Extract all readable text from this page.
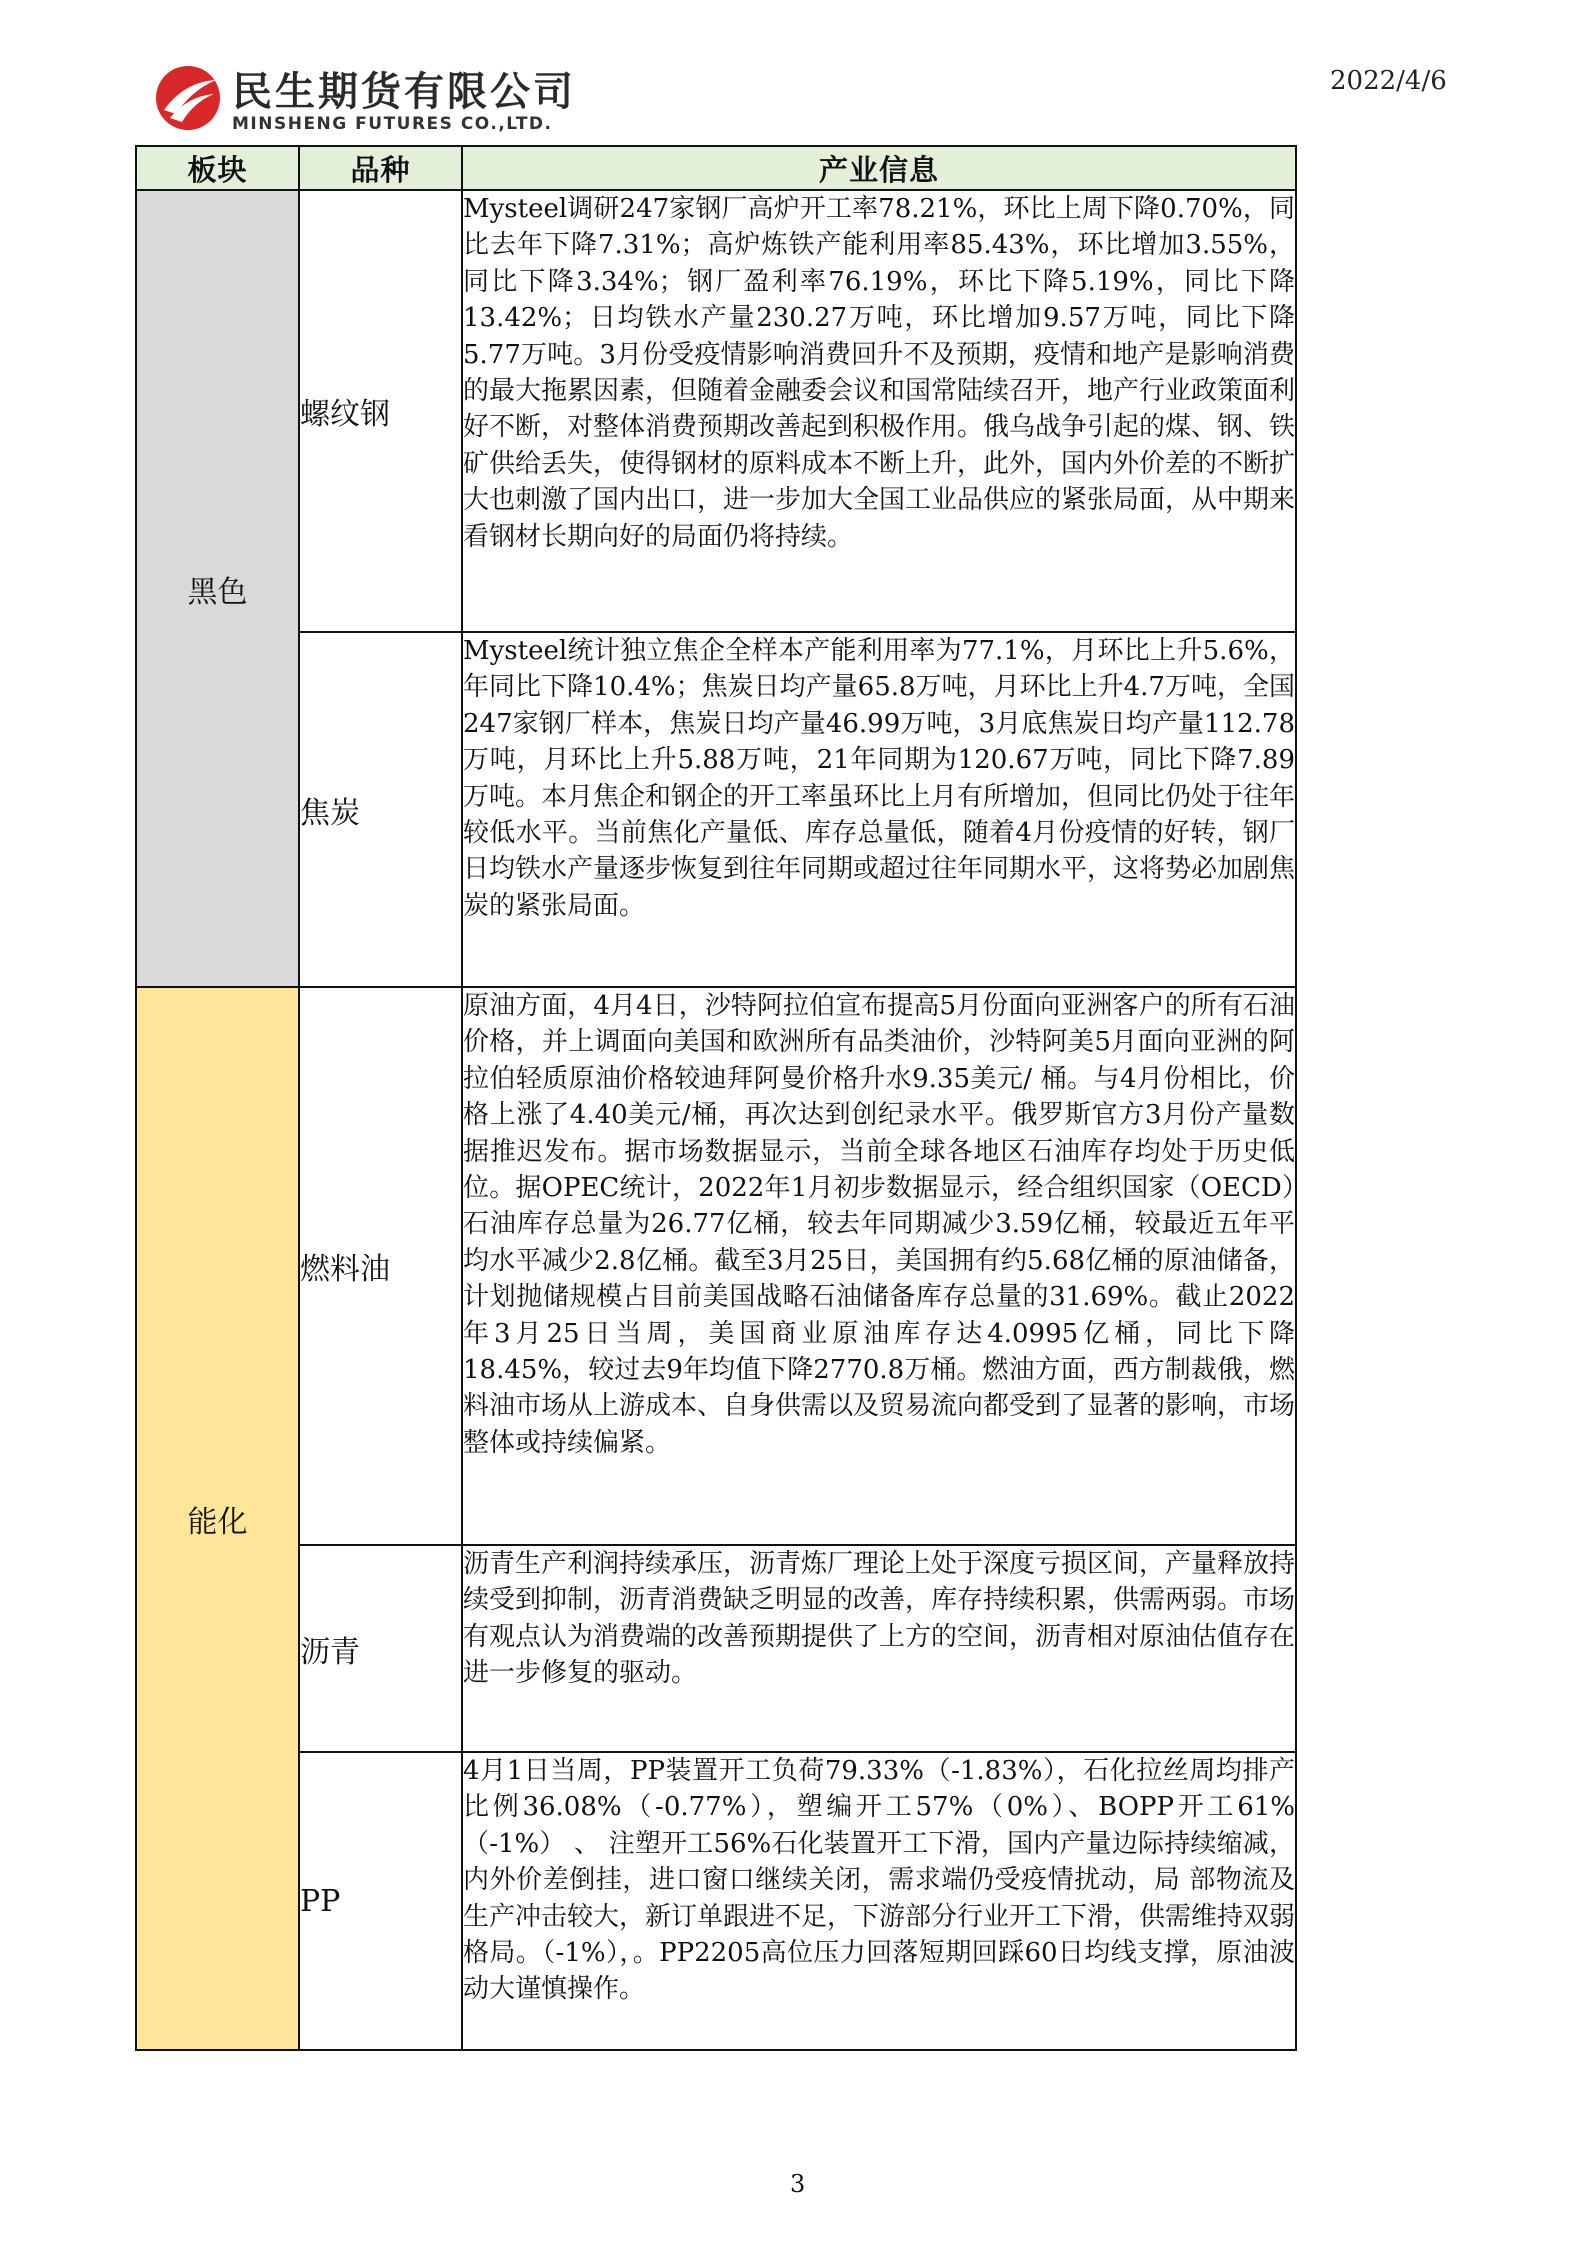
民生期货有限公司
MINSHENG FUTURES CO.,LTD.
2022/4/6
板块	品种	产业信息
黑色	螺纹钢	Mysteel调研247家钢厂高炉开工率78.21%，环比上周下降0.70%，同比去年下降7.31%；高炉炼铁产能利用率85.43%，环比增加3.55%，同比下降3.34%；钢厂盈利率76.19%，环比下降5.19%，同比下降13.42%；日均铁水产量230.27万吨，环比增加9.57万吨，同比下降5.77万吨。3月份受疫情影响消费回升不及预期，疫情和地产是影响消费的最大拖累因素，但随着金融委会议和国常陆续召开，地产行业政策面利好不断，对整体消费预期改善起到积极作用。俄乌战争引起的煤、钢、铁矿供给丢失，使得钢材的原料成本不断上升，此外，国内外价差的不断扩大也刺激了国内出口，进一步加大全国工业品供应的紧张局面，从中期来看钢材长期向好的局面仍将持续。
	焦炭	Mysteel统计独立焦企全样本产能利用率为77.1%，月环比上升5.6%，年同比下降10.4%；焦炭日均产量65.8万吨，月环比上升4.7万吨，全国247家钢厂样本，焦炭日均产量46.99万吨，3月底焦炭日均产量112.78万吨，月环比上升5.88万吨，21年同期为120.67万吨，同比下降7.89万吨。本月焦企和钢企的开工率虽环比上月有所增加，但同比仍处于往年较低水平。当前焦化产量低、库存总量低，随着4月份疫情的好转，钢厂日均铁水产量逐步恢复到往年同期或超过往年同期水平，这将势必加剧焦炭的紧张局面。
能化	燃料油	原油方面，4月4日，沙特阿拉伯宣布提高5月份面向亚洲客户的所有石油价格，并上调面向美国和欧洲所有品类油价，沙特阿美5月面向亚洲的阿拉伯轻质原油价格较迪拜阿曼价格升水9.35美元/ 桶。与4月份相比，价格上涨了4.40美元/桶，再次达到创纪录水平。俄罗斯官方3月份产量数据推迟发布。据市场数据显示，当前全球各地区石油库存均处于历史低位。据OPEC统计，2022年1月初步数据显示，经合组织国家（OECD）石油库存总量为26.77亿桶，较去年同期减少3.59亿桶，较最近五年平均水平减少2.8亿桶。截至3月25日，美国拥有约5.68亿桶的原油储备，计划抛储规模占目前美国战略石油储备库存总量的31.69%。截止2022年3月25日当周，美国商业原油库存达4.0995亿桶，同比下降18.45%，较过去9年均值下降2770.8万桶。燃油方面，西方制裁俄，燃料油市场从上游成本、自身供需以及贸易流向都受到了显著的影响，市场整体或持续偏紧。
	沥青	沥青生产利润持续承压，沥青炼厂理论上处于深度亏损区间，产量释放持续受到抑制，沥青消费缺乏明显的改善，库存持续积累，供需两弱。市场有观点认为消费端的改善预期提供了上方的空间，沥青相对原油估值存在进一步修复的驱动。
	PP	4月1日当周，PP装置开工负荷79.33%（-1.83%），石化拉丝周均排产比例36.08%（-0.77%），塑编开工57%（0%）、BOPP开工61% （-1%） 、 注塑开工56%石化装置开工下滑，国内产量边际持续缩减，内外价差倒挂，进口窗口继续关闭，需求端仍受疫情扰动，局 部物流及生产冲击较大，新订单跟进不足，下游部分行业开工下滑，供需维持双弱格局。（-1%），。PP2205高位压力回落短期回踩60日均线支撑，原油波动大谨慎操作。
3
